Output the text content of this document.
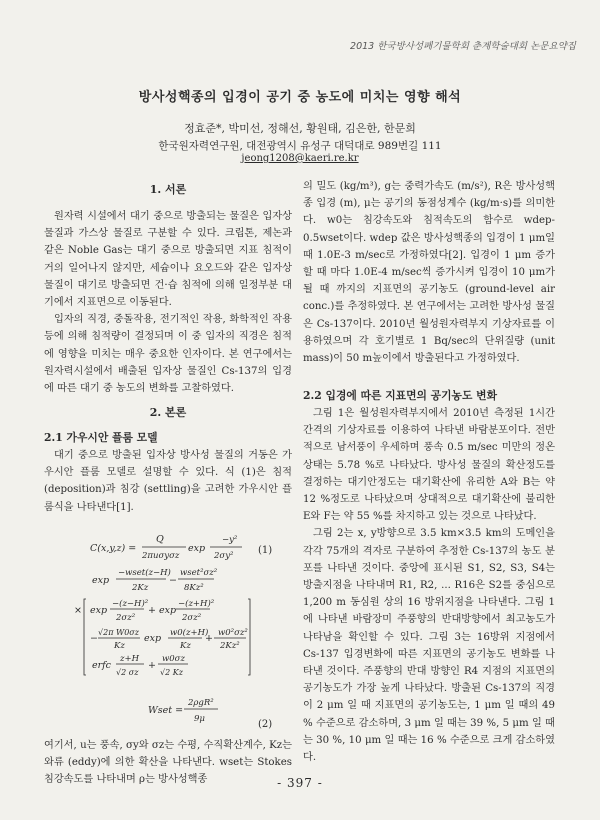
2013 한국방사성폐기물학회 춘계학술대회 논문요약집
방사성핵종의 입경이 공기 중 농도에 미치는 영향 해석
정효준*, 박미선, 정해선, 황원태, 김은한, 한문희
한국원자력연구원, 대전광역시 유성구 대덕대로 989번길 111
jeong1208@kaeri.re.kr
1. 서론

원자력 시설에서 대기 중으로 방출되는 물질은 입자상 물질과 가스상 물질로 구분할 수 있다. 크립톤, 제논과 같은 Noble Gas는 대기 중으로 방출되면 지표 침적이 거의 일어나지 않지만, 세슘이나 요오드와 같은 입자상 물질이 대기로 방출되면 건·습 침적에 의해 일정부분 대기에서 지표면으로 이동된다.

입자의 직경, 중돌작용, 전기적인 작용, 화학적인 작용 등에 의해 침적량이 결정되며 이 중 입자의 직경은 침적에 영향을 미치는 매우 중요한 인자이다. 본 연구에서는 원자력시설에서 배출된 입자상 물질인 Cs-137의 입경에 따른 대기 중 농도의 변화를 고찰하였다.

2. 본론
2.1 가우시안 플룸 모델

대기 중으로 방출된 입자상 방사성 물질의 거동은 가우시안 플룸 모델로 설명할 수 있다. 식 (1)은 침적 (deposition)과 침강 (settling)을 고려한 가우시안 플룸식을 나타낸다[1].

C(x,y,z) =
Q
2πuσyσz
exp
−y²
2σy²
exp
−wset(z−H)
2Kz
−
wset²σz²
8Kz²
× exp
−(z−H)²
2σz²
+ exp
−(z+H)²
2σz²
−
√2π W0σz
Kz
exp w0(z+H)
Kz
+ w0²σz²
2Kz²
erfc
z+H
√2 σz
+
w0σz
√2 Kz
(1)
Wset =
2ρgR²
9μ	(2)

여기서, u는 풍속, σy와 σz는 수평, 수직확산계수, Kz는 와류 (eddy)에 의한 확산을 나타낸다. wset는 Stokes 침강속도를 나타내며 ρ는 방사성핵종

의 밀도 (kg/m³), g는 중력가속도 (m/s²), R은 방사성핵종 입경 (m), μ는 공기의 동점성계수 (kg/m·s)를 의미한다. w0는 침강속도와 침적속도의 함수로 wdep-0.5wset이다. wdep 값은 방사성핵종의 입경이 1 μm일때 1.0E-3 m/sec로 가정하였다[2]. 입경이 1 μm 증가할 때 마다 1.0E-4 m/sec씩 증가시켜 입경이 10 μm가 될 때 까지의 지표면의 공기농도 (ground-level air conc.)를 추정하였다. 본 연구에서는 고려한 방사성 물질은 Cs-137이다. 2010년 월성원자력부지 기상자료를 이용하였으며 각 호기별로 1 Bq/sec의 단위질량 (unit mass)이 50 m높이에서 방출된다고 가정하였다.

2.2 입경에 따른 지표면의 공기농도 변화

그림 1은 월성원자력부지에서 2010년 측정된 1시간 간격의 기상자료를 이용하여 나타낸 바람분포이다. 전반적으로 남서풍이 우세하며 풍속 0.5 m/sec 미만의 정온상태는 5.78 %로 나타났다. 방사성 물질의 확산정도를 결정하는 대기안정도는 대기확산에 유리한 A와 B는 약 12 %정도로 나타났으며 상대적으로 대기확산에 불리한 E와 F는 약 55 %를 차지하고 있는 것으로 나타났다.

그림 2는 x, y방향으로 3.5 km×3.5 km의 도메인을 각각 75개의 격자로 구분하여 추정한 Cs-137의 농도 분포를 나타낸 것이다. 중앙에 표시된 S1, S2, S3, S4는 방출지점을 나타내며 R1, R2, ... R16은 S2를 중심으로 1,200 m 동심원 상의 16 방위지점을 나타낸다. 그림 1에 나타낸 바람장미 주풍향의 반대방향에서 최고농도가 나타남을 확인할 수 있다. 그림 3는 16방위 지점에서 Cs-137 입경변화에 따른 지표면의 공기농도 변화를 나타낸 것이다. 주풍향의 반대 방향인 R4 지점의 지표면의 공기농도가 가장 높게 나타났다. 방출된 Cs-137의 직경이 2 μm 일 때 지표면의 공기농도는, 1 μm 일 때의 49 % 수준으로 감소하며, 3 μm 일 때는 39 %, 5 μm 일 때는 30 %, 10 μm 일 때는 16 % 수준으로 크게 감소하였다.

- 397 -
